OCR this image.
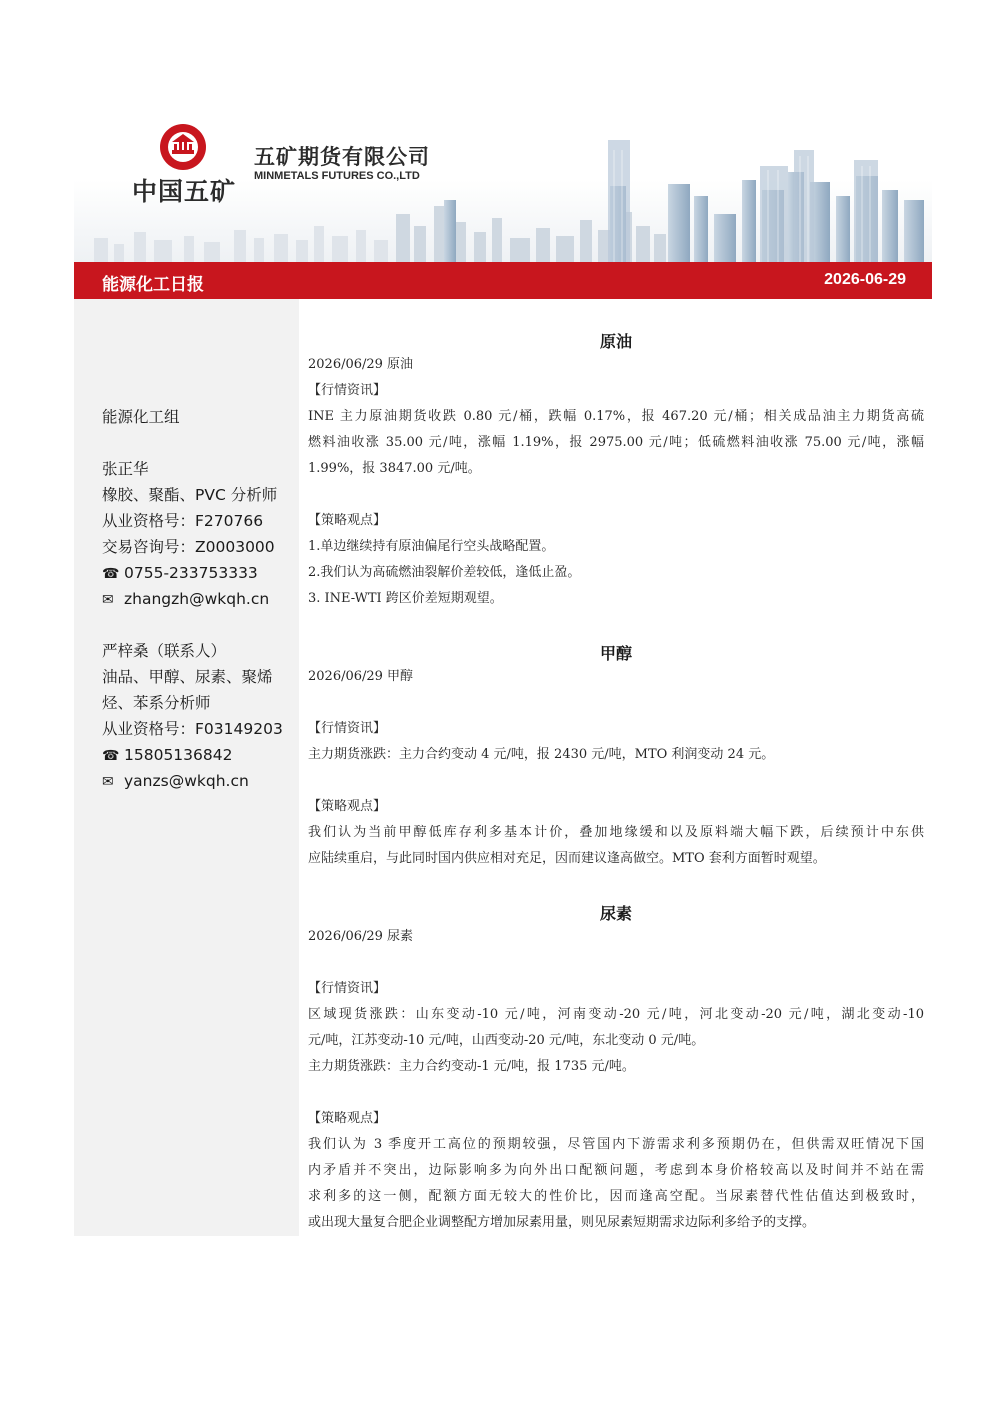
中国五矿
五矿期货有限公司
MINMETALS FUTURES CO.,LTD
能源化工日报	2026-06-29
能源化工组
张正华
橡胶、聚酯、PVC 分析师
从业资格号：F270766
交易咨询号：Z0003000
☎ 0755-233753333
✉ zhangzh@wkqh.cn
严梓桑（联系人）
油品、甲醇、尿素、聚烯
烃、苯系分析师
从业资格号：F03149203
☎ 15805136842
✉ yanzs@wkqh.cn
原油
2026/06/29 原油
【行情资讯】
INE 主力原油期货收跌 0.80 元/桶，跌幅 0.17%，报 467.20 元/桶；相关成品油主力期货高硫
燃料油收涨 35.00 元/吨，涨幅 1.19%，报 2975.00 元/吨；低硫燃料油收涨 75.00 元/吨，涨幅
1.99%，报 3847.00 元/吨。
【策略观点】
1.单边继续持有原油偏尾行空头战略配置。
2.我们认为高硫燃油裂解价差较低，逢低止盈。
3. INE-WTI 跨区价差短期观望。
甲醇
2026/06/29 甲醇
【行情资讯】
主力期货涨跌：主力合约变动 4 元/吨，报 2430 元/吨，MTO 利润变动 24 元。
【策略观点】
我们认为当前甲醇低库存利多基本计价，叠加地缘缓和以及原料端大幅下跌，后续预计中东供
应陆续重启，与此同时国内供应相对充足，因而建议逢高做空。MTO 套利方面暂时观望。
尿素
2026/06/29 尿素
【行情资讯】
区域现货涨跌：山东变动-10 元/吨，河南变动-20 元/吨，河北变动-20 元/吨，湖北变动-10
元/吨，江苏变动-10 元/吨，山西变动-20 元/吨，东北变动 0 元/吨。
主力期货涨跌：主力合约变动-1 元/吨，报 1735 元/吨。
【策略观点】
我们认为 3 季度开工高位的预期较强，尽管国内下游需求利多预期仍在，但供需双旺情况下国
内矛盾并不突出，边际影响多为向外出口配额问题，考虑到本身价格较高以及时间并不站在需
求利多的这一侧，配额方面无较大的性价比，因而逢高空配。当尿素替代性估值达到极致时，
或出现大量复合肥企业调整配方增加尿素用量，则见尿素短期需求边际利多给予的支撑。
